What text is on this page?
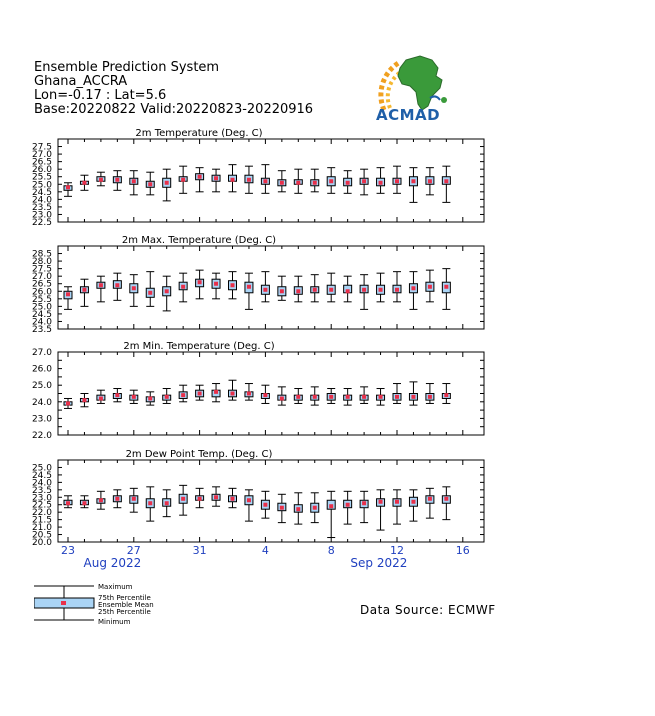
Ensemble Prediction System
Ghana_ACCRA
Lon=-0.17 : Lat=5.6
Base:20220822 Valid:20220823-20220916	ACMAD
2m Temperature (Deg. C)
22.5
23.0
23.5
24.0
24.5
25.0
25.5
26.0
26.5
27.0
27.5
2m Max. Temperature (Deg. C)
23.5
24.0
24.5
25.0
25.5
26.0
26.5
27.0
27.5
28.0
28.5
2m Min. Temperature (Deg. C)
22.0
23.0
24.0
25.0
26.0
27.0
2m Dew Point Temp. (Deg. C)
20.0
20.5
21.0
21.5
22.0
22.5
23.0
23.5
24.0
24.5
25.0
23	27	31	4	8	12	16
Aug 2022	Sep 2022
Maximum
75th Percentile
Ensemble Mean
25th Percentile
Minimum
Data Source: ECMWF
